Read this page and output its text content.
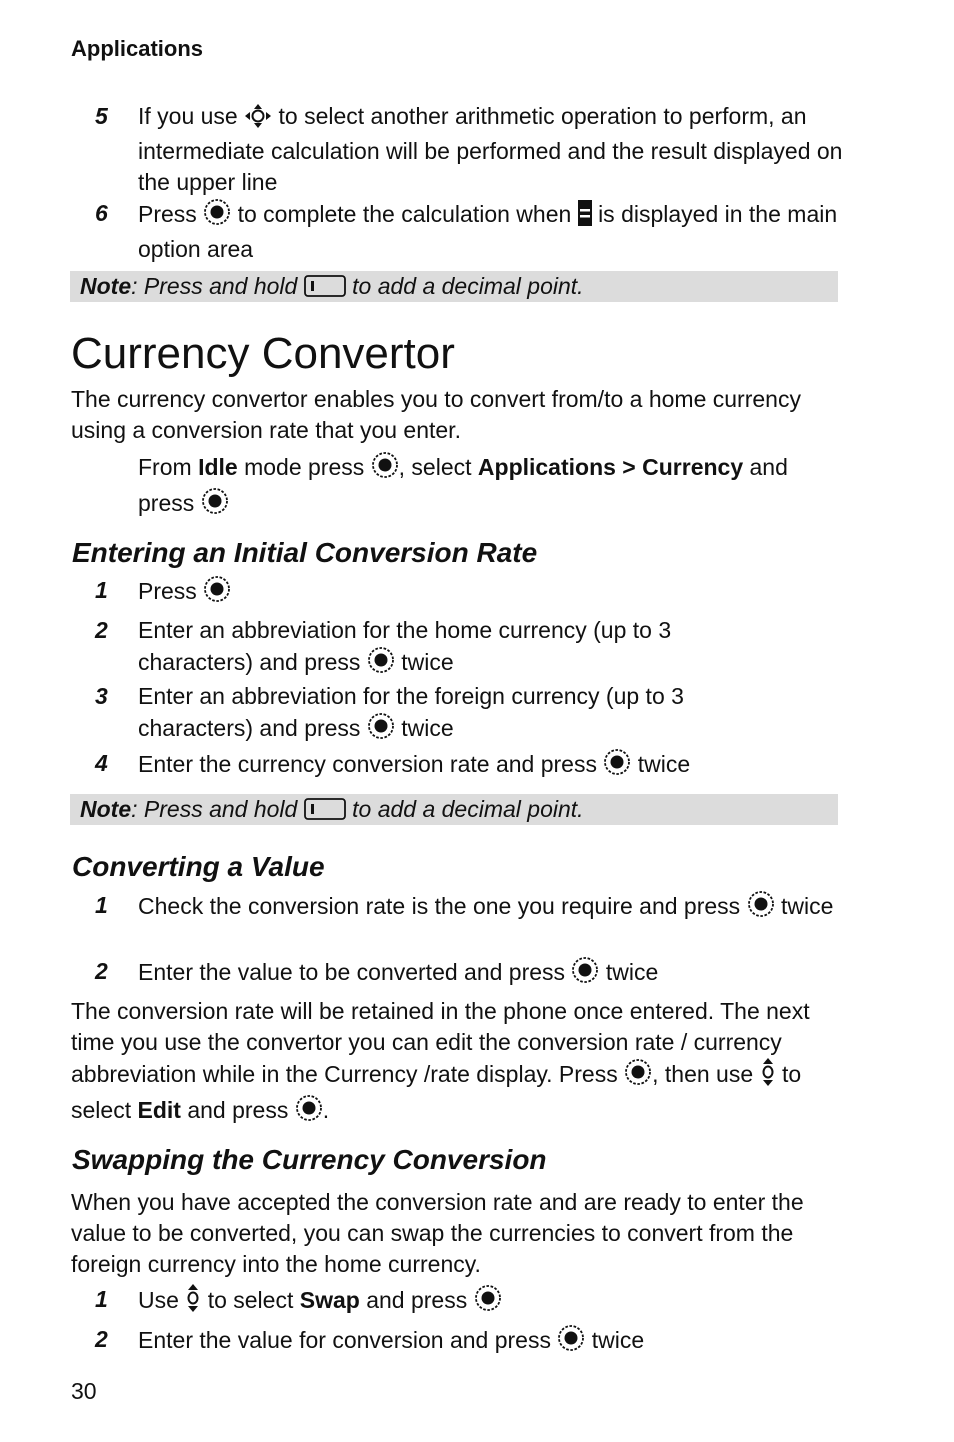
Applications
5 If you use to select another arithmetic operation to perform, an intermediate calculation will be performed and the result displayed on the upper line
6 Press to complete the calculation when is displayed in the main option area
Note: Press and hold to add a decimal point.
Currency Convertor
The currency convertor enables you to convert from/to a home currency using a conversion rate that you enter.
From Idle mode press , select Applications > Currency and press
Entering an Initial Conversion Rate
1 Press
2 Enter an abbreviation for the home currency (up to 3 characters) and press twice
3 Enter an abbreviation for the foreign currency (up to 3 characters) and press twice
4 Enter the currency conversion rate and press twice
Note: Press and hold to add a decimal point.
Converting a Value
1 Check the conversion rate is the one you require and press twice
2 Enter the value to be converted and press twice
The conversion rate will be retained in the phone once entered. The next time you use the convertor you can edit the conversion rate / currency abbreviation while in the Currency /rate display. Press , then use to select Edit and press .
Swapping the Currency Conversion
When you have accepted the conversion rate and are ready to enter the value to be converted, you can swap the currencies to convert from the foreign currency into the home currency.
1 Use to select Swap and press
2 Enter the value for conversion and press twice
30
